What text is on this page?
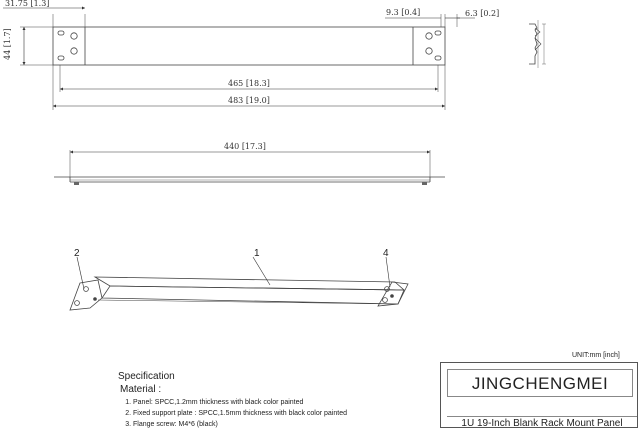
31.75 [1.3]
44 [1.7]
9.3 [0.4]	6.3 [0.2]
465 [18.3]
483 [19.0]
440 [17.3]
2	1	4
UNIT:mm [inch]

Specification

Material :

1. Panel: SPCC,1.2mm thickness with black color painted
2. Fixed support plate : SPCC,1.5mm thickness with black color painted
3. Flange screw: M4*6 (black)
JINGCHENGMEI
1U 19-Inch Blank Rack Mount Panel
